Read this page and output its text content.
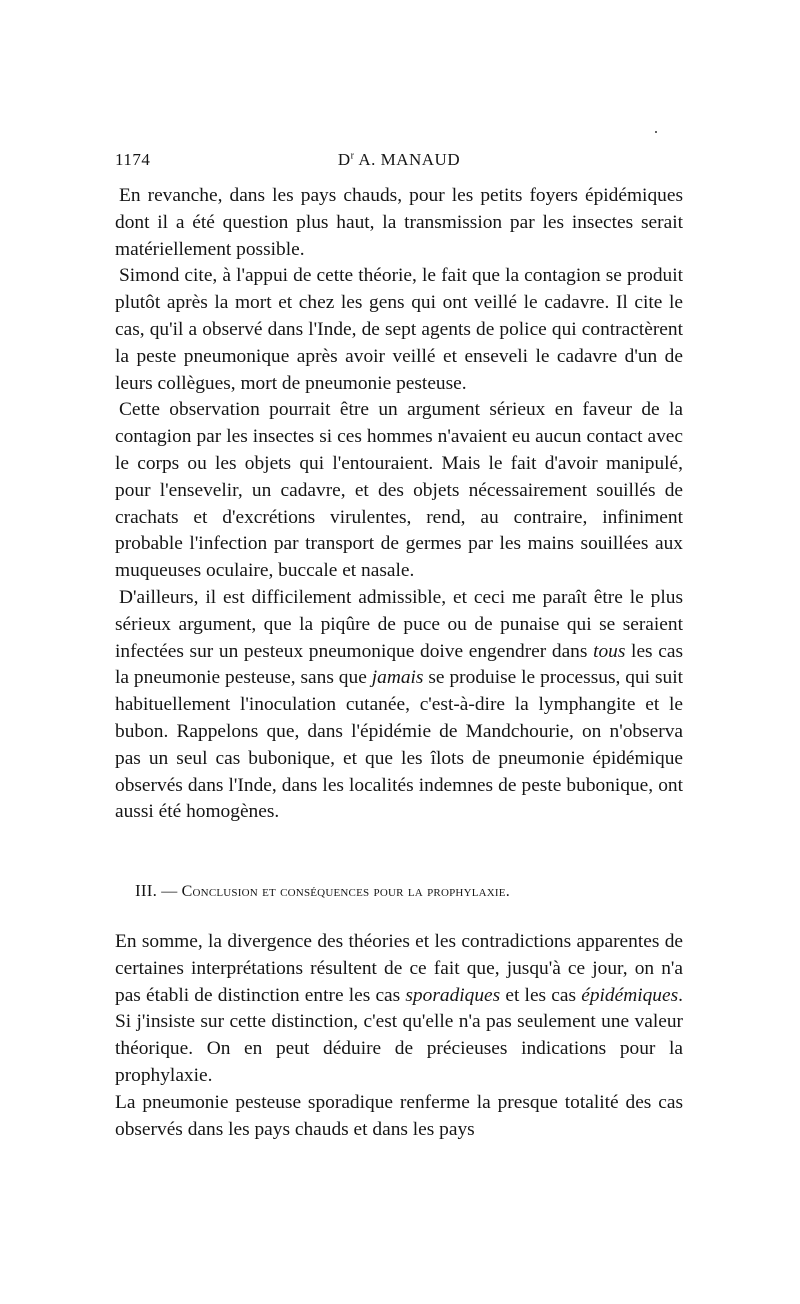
1174	$D^r$ A. MANAUD

En revanche, dans les pays chauds, pour les petits foyers épidémiques dont il a été question plus haut, la transmission par les insectes serait matériellement possible.

Simond cite, à l'appui de cette théorie, le fait que la contagion se produit plutôt après la mort et chez les gens qui ont veillé le cadavre. Il cite le cas, qu'il a observé dans l'Inde, de sept agents de police qui contractèrent la peste pneumonique après avoir veillé et enseveli le cadavre d'un de leurs collègues, mort de pneumonie pesteuse.

Cette observation pourrait être un argument sérieux en faveur de la contagion par les insectes si ces hommes n'avaient eu aucun contact avec le corps ou les objets qui l'entouraient. Mais le fait d'avoir manipulé, pour l'ensevelir, un cadavre, et des objets nécessairement souillés de crachats et d'excrétions virulentes, rend, au contraire, infiniment probable l'infection par transport de germes par les mains souillées aux muqueuses oculaire, buccale et nasale.

D'ailleurs, il est difficilement admissible, et ceci me paraît être le plus sérieux argument, que la piqûre de puce ou de punaise qui se seraient infectées sur un pesteux pneumonique doive engendrer dans tous les cas la pneumonie pesteuse, sans que jamais se produise le processus, qui suit habituellement l'inoculation cutanée, c'est-à-dire la lymphangite et le bubon. Rappelons que, dans l'épidémie de Mandchourie, on n'observa pas un seul cas bubonique, et que les îlots de pneumonie épidémique observés dans l'Inde, dans les localités indemnes de peste bubonique, ont aussi été homogènes.

III. — Conclusion et conséquences pour la prophylaxie.

En somme, la divergence des théories et les contradictions apparentes de certaines interprétations résultent de ce fait que, jusqu'à ce jour, on n'a pas établi de distinction entre les cas sporadiques et les cas épidémiques. Si j'insiste sur cette distinction, c'est qu'elle n'a pas seulement une valeur théorique. On en peut déduire de précieuses indications pour la prophylaxie.

La pneumonie pesteuse sporadique renferme la presque totalité des cas observés dans les pays chauds et dans les pays
